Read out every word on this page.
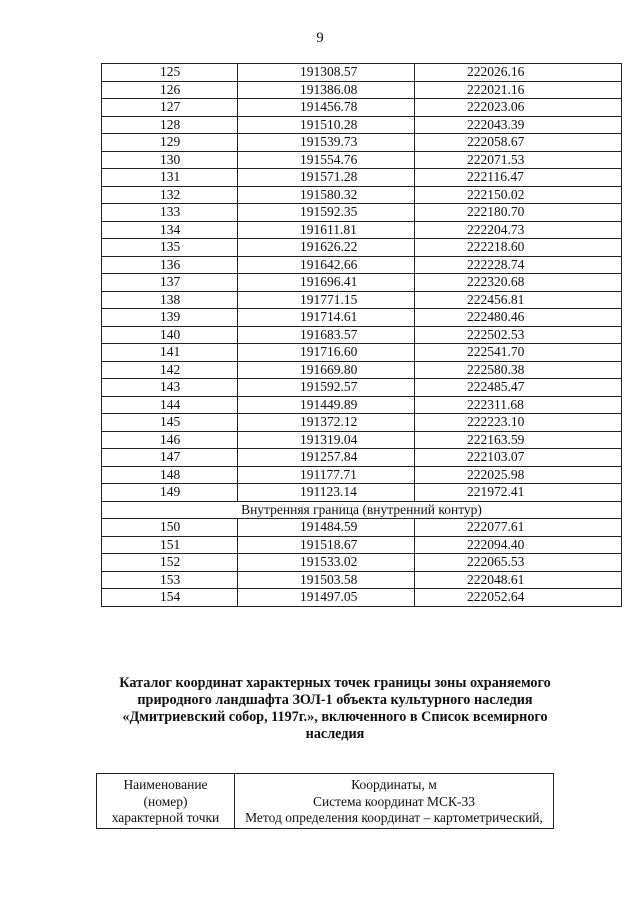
9
125	191308.57	222026.16
126	191386.08	222021.16
127	191456.78	222023.06
128	191510.28	222043.39
129	191539.73	222058.67
130	191554.76	222071.53
131	191571.28	222116.47
132	191580.32	222150.02
133	191592.35	222180.70
134	191611.81	222204.73
135	191626.22	222218.60
136	191642.66	222228.74
137	191696.41	222320.68
138	191771.15	222456.81
139	191714.61	222480.46
140	191683.57	222502.53
141	191716.60	222541.70
142	191669.80	222580.38
143	191592.57	222485.47
144	191449.89	222311.68
145	191372.12	222223.10
146	191319.04	222163.59
147	191257.84	222103.07
148	191177.71	222025.98
149	191123.14	221972.41
Внутренняя граница (внутренний контур)		
150	191484.59	222077.61
151	191518.67	222094.40
152	191533.02	222065.53
153	191503.58	222048.61
154	191497.05	222052.64
Каталог координат характерных точек границы зоны охраняемого
природного ландшафта ЗОЛ-1 объекта культурного наследия
«Дмитриевский собор, 1197г.», включенного в Список всемирного
наследия
Наименование
(номер)
характерной точки

Координаты, м
Система координат МСК-33
Метод определения координат – картометрический,
